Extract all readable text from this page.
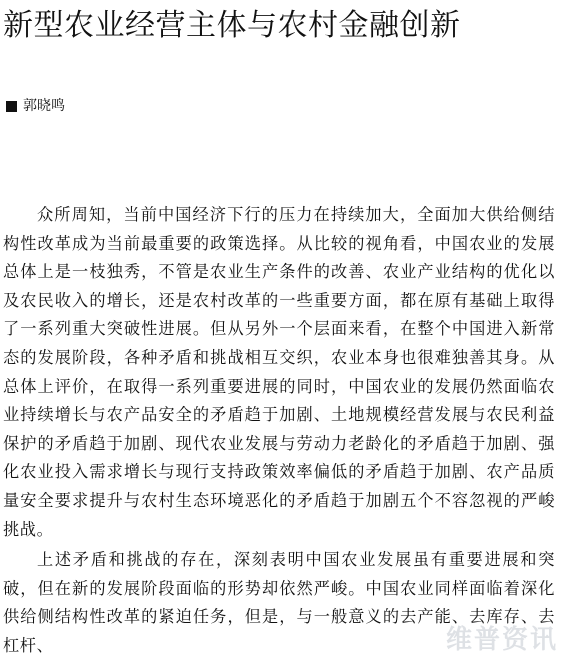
新型农业经营主体与农村金融创新
郭晓鸣

众所周知，当前中国经济下行的压力在持续加大，全面加大供给侧结构性改革成为当前最重要的政策选择。从比较的视角看，中国农业的发展总体上是一枝独秀，不管是农业生产条件的改善、农业产业结构的优化以及农民收入的增长，还是农村改革的一些重要方面，都在原有基础上取得了一系列重大突破性进展。但从另外一个层面来看，在整个中国进入新常态的发展阶段，各种矛盾和挑战相互交织，农业本身也很难独善其身。从总体上评价，在取得一系列重要进展的同时，中国农业的发展仍然面临农业持续增长与农产品安全的矛盾趋于加剧、土地规模经营发展与农民利益保护的矛盾趋于加剧、现代农业发展与劳动力老龄化的矛盾趋于加剧、强化农业投入需求增长与现行支持政策效率偏低的矛盾趋于加剧、农产品质量安全要求提升与农村生态环境恶化的矛盾趋于加剧五个不容忽视的严峻挑战。

上述矛盾和挑战的存在，深刻表明中国农业发展虽有重要进展和突破，但在新的发展阶段面临的形势却依然严峻。中国农业同样面临着深化供给侧结构性改革的紧迫任务，但是，与一般意义的去产能、去库存、去杠杆、	维普资讯
